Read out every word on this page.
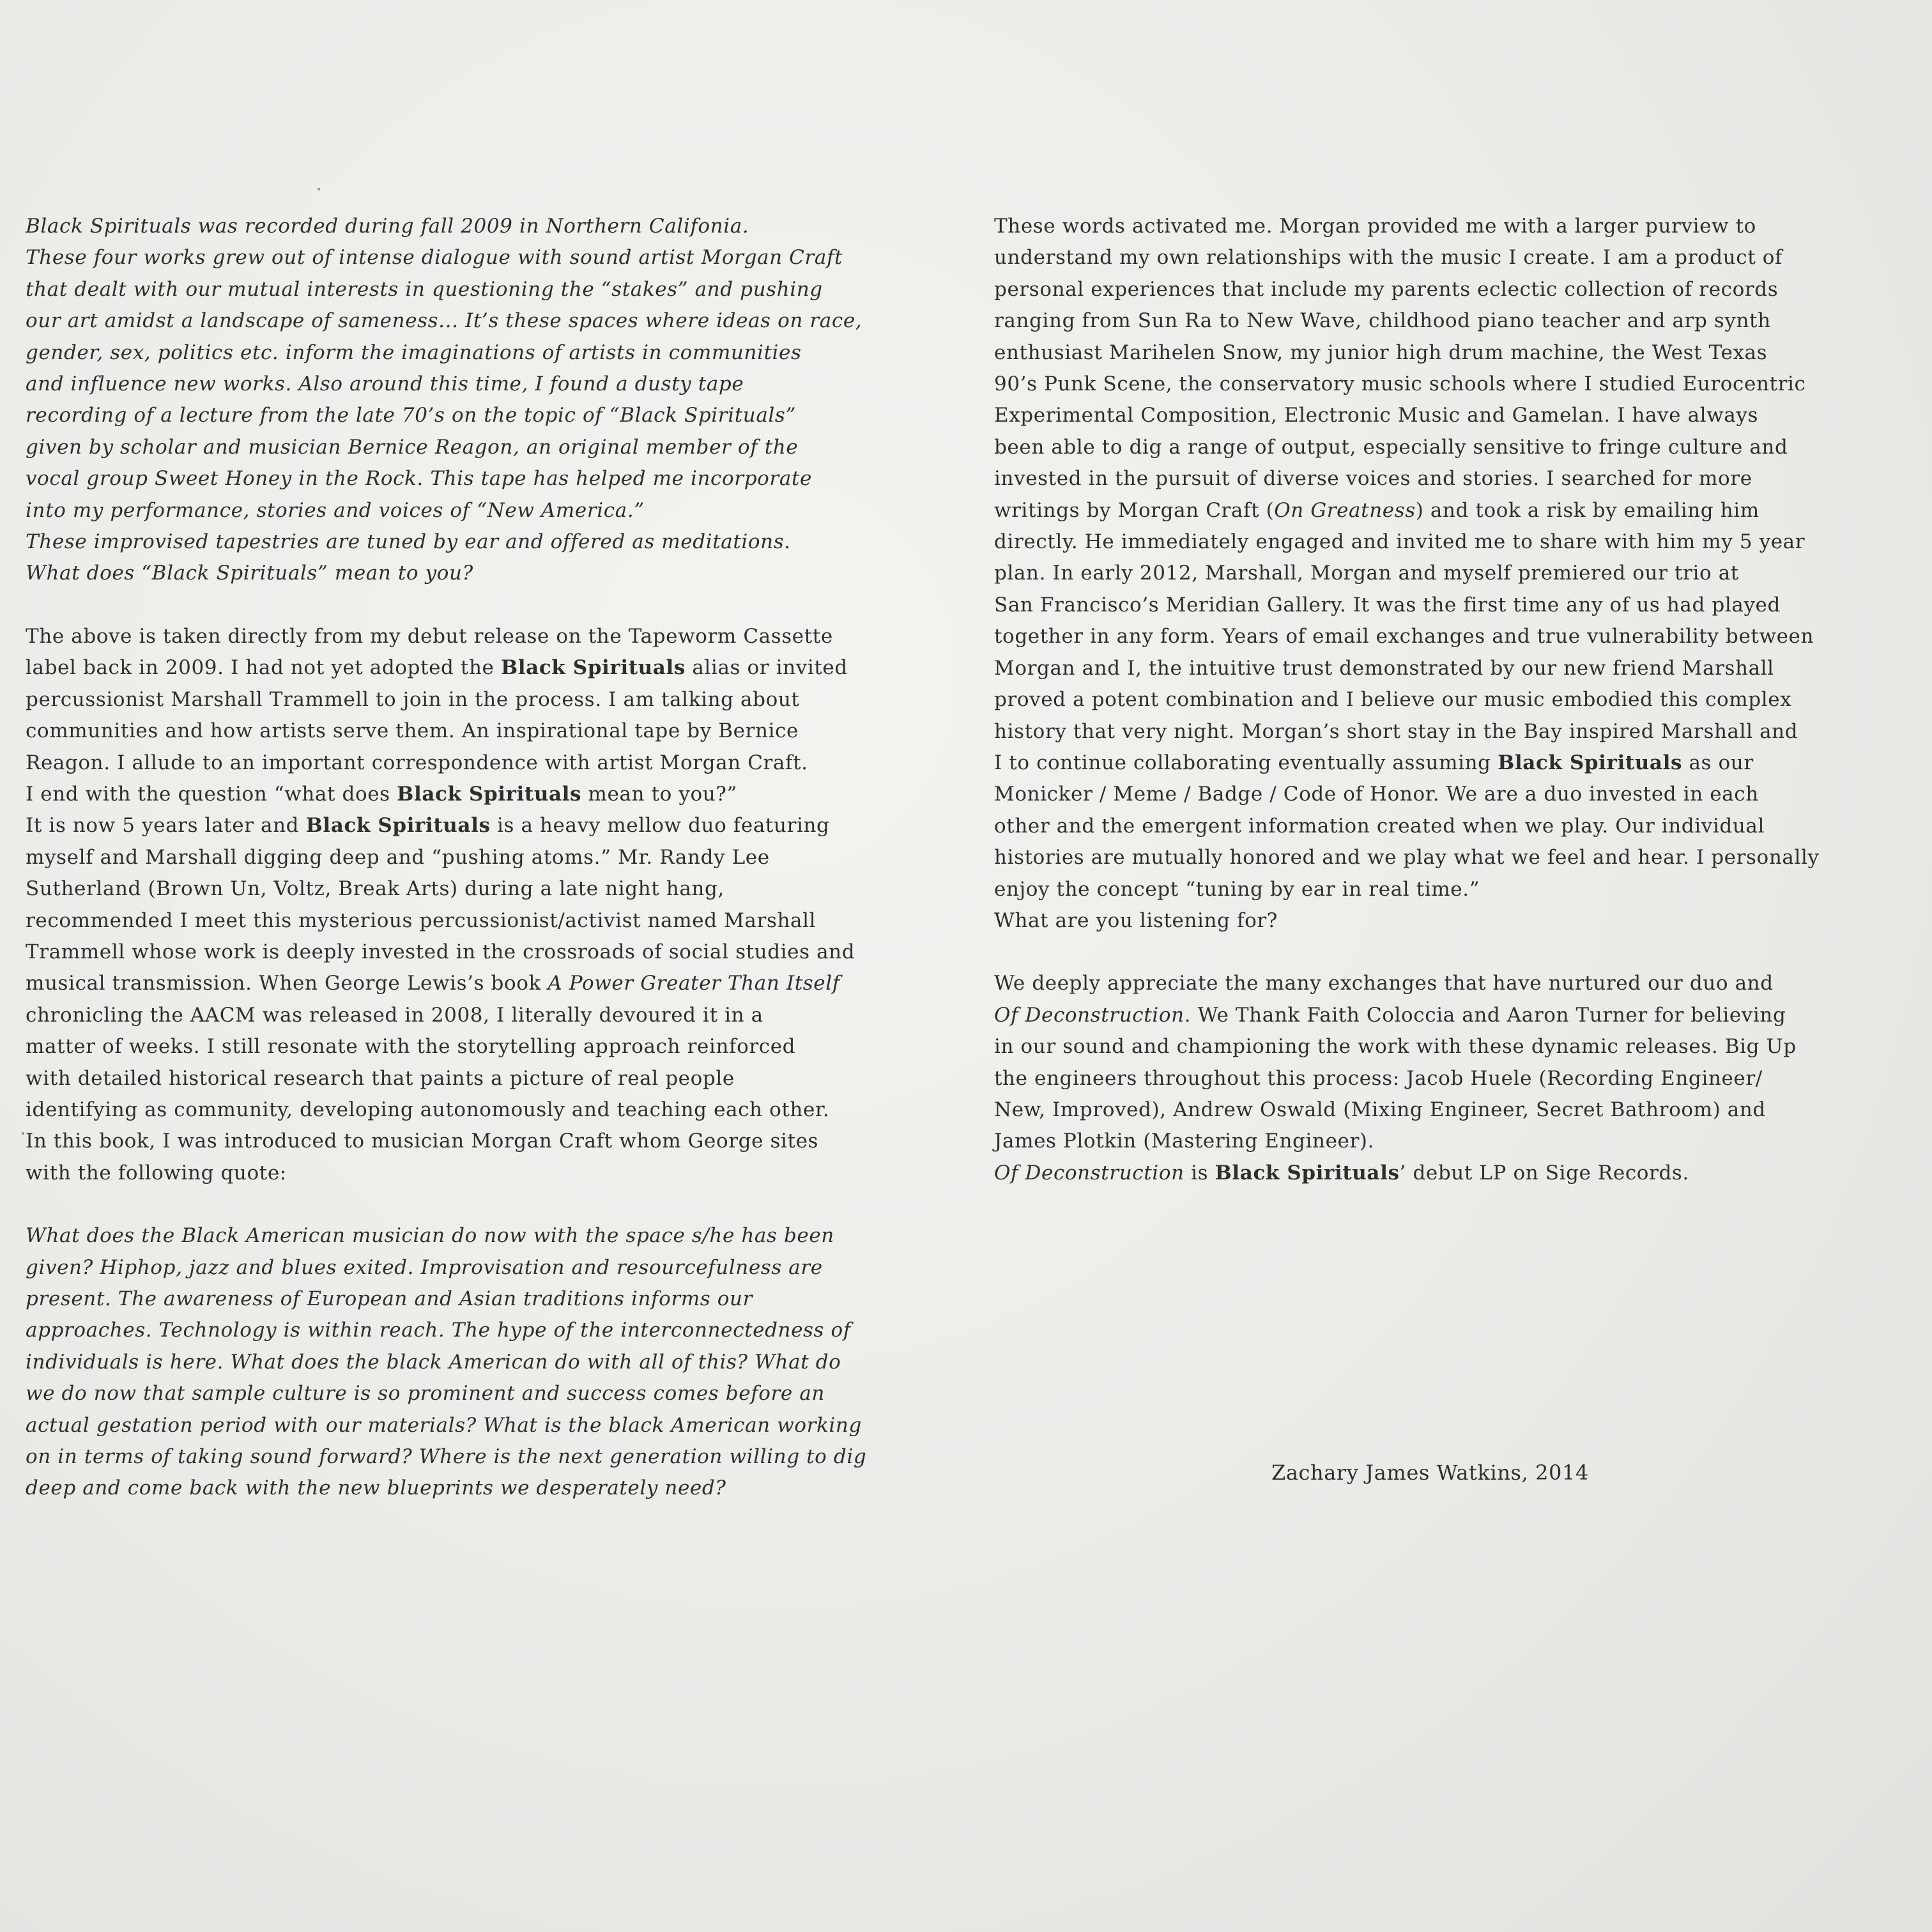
Black Spirituals was recorded during fall 2009 in Northern Califonia.

These four works grew out of intense dialogue with sound artist Morgan Craft

that dealt with our mutual interests in questioning the “stakes” and pushing

our art amidst a landscape of sameness... It’s these spaces where ideas on race,

gender, sex, politics etc. inform the imaginations of artists in communities

and influence new works. Also around this time, I found a dusty tape

recording of a lecture from the late 70’s on the topic of “Black Spirituals”

given by scholar and musician Bernice Reagon, an original member of the

vocal group Sweet Honey in the Rock. This tape has helped me incorporate

into my performance, stories and voices of “New America.”

These improvised tapestries are tuned by ear and offered as meditations.

What does “Black Spirituals” mean to you?

The above is taken directly from my debut release on the Tapeworm Cassette

label back in 2009. I had not yet adopted the Black Spirituals alias or invited

percussionist Marshall Trammell to join in the process. I am talking about

communities and how artists serve them. An inspirational tape by Bernice

Reagon. I allude to an important correspondence with artist Morgan Craft.

I end with the question “what does Black Spirituals mean to you?”

It is now 5 years later and Black Spirituals is a heavy mellow duo featuring

myself and Marshall digging deep and “pushing atoms.” Mr. Randy Lee

Sutherland (Brown Un, Voltz, Break Arts) during a late night hang,

recommended I meet this mysterious percussionist/activist named Marshall

Trammell whose work is deeply invested in the crossroads of social studies and

musical transmission. When George Lewis’s book A Power Greater Than Itself

chronicling the AACM was released in 2008, I literally devoured it in a

matter of weeks. I still resonate with the storytelling approach reinforced

with detailed historical research that paints a picture of real people

identifying as community, developing autonomously and teaching each other.

In this book, I was introduced to musician Morgan Craft whom George sites

with the following quote:

What does the Black American musician do now with the space s/he has been

given? Hiphop, jazz and blues exited. Improvisation and resourcefulness are

present. The awareness of European and Asian traditions informs our

approaches. Technology is within reach. The hype of the interconnectedness of

individuals is here. What does the black American do with all of this? What do

we do now that sample culture is so prominent and success comes before an

actual gestation period with our materials? What is the black American working

on in terms of taking sound forward? Where is the next generation willing to dig

deep and come back with the new blueprints we desperately need?

These words activated me. Morgan provided me with a larger purview to

understand my own relationships with the music I create. I am a product of

personal experiences that include my parents eclectic collection of records

ranging from Sun Ra to New Wave, childhood piano teacher and arp synth

enthusiast Marihelen Snow, my junior high drum machine, the West Texas

90’s Punk Scene, the conservatory music schools where I studied Eurocentric

Experimental Composition, Electronic Music and Gamelan. I have always

been able to dig a range of output, especially sensitive to fringe culture and

invested in the pursuit of diverse voices and stories. I searched for more

writings by Morgan Craft (On Greatness) and took a risk by emailing him

directly. He immediately engaged and invited me to share with him my 5 year

plan. In early 2012, Marshall, Morgan and myself premiered our trio at

San Francisco’s Meridian Gallery. It was the first time any of us had played

together in any form. Years of email exchanges and true vulnerability between

Morgan and I, the intuitive trust demonstrated by our new friend Marshall

proved a potent combination and I believe our music embodied this complex

history that very night. Morgan’s short stay in the Bay inspired Marshall and

I to continue collaborating eventually assuming Black Spirituals as our

Monicker / Meme / Badge / Code of Honor. We are a duo invested in each

other and the emergent information created when we play. Our individual

histories are mutually honored and we play what we feel and hear. I personally

enjoy the concept “tuning by ear in real time.”

What are you listening for?

We deeply appreciate the many exchanges that have nurtured our duo and

Of Deconstruction. We Thank Faith Coloccia and Aaron Turner for believing

in our sound and championing the work with these dynamic releases. Big Up

the engineers throughout this process: Jacob Huele (Recording Engineer/

New, Improved), Andrew Oswald (Mixing Engineer, Secret Bathroom) and

James Plotkin (Mastering Engineer).

Of Deconstruction is Black Spirituals’ debut LP on Sige Records.

Zachary James Watkins, 2014
